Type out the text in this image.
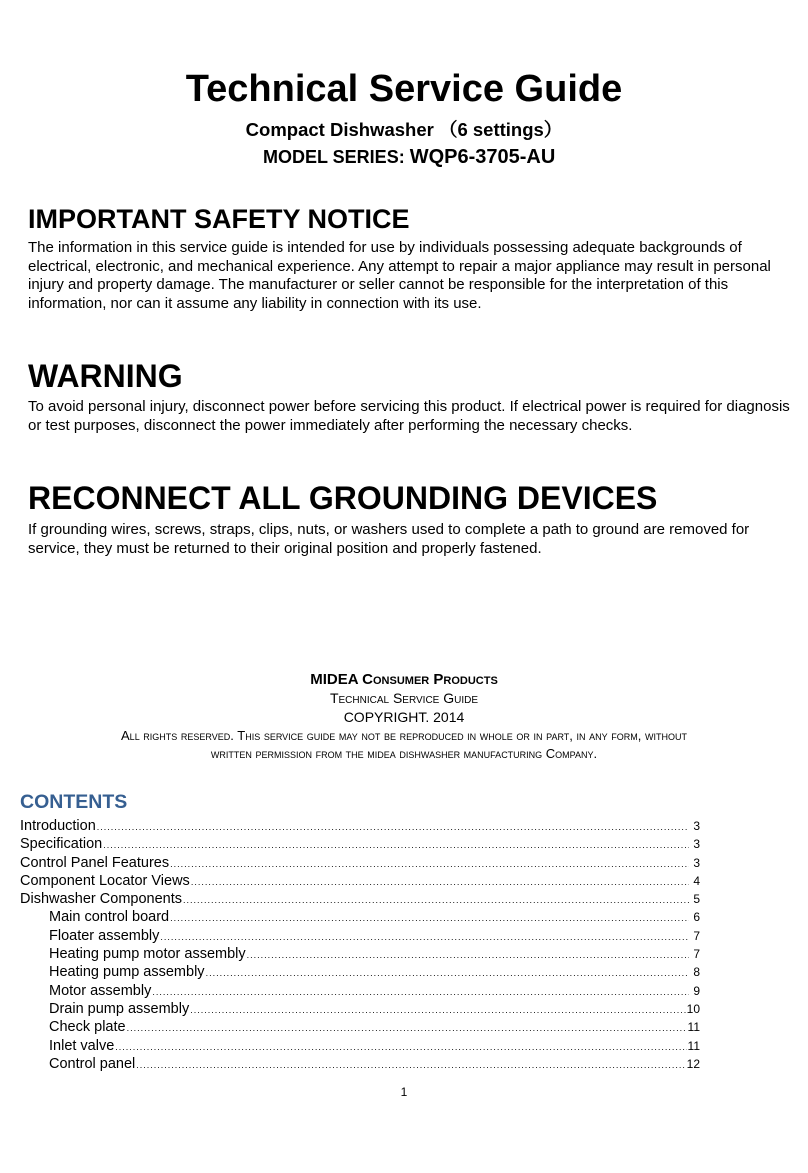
Technical Service Guide
Compact Dishwasher （6 settings）
MODEL SERIES: WQP6-3705-AU
IMPORTANT SAFETY NOTICE

The information in this service guide is intended for use by individuals possessing adequate backgrounds of electrical, electronic, and mechanical experience. Any attempt to repair a major appliance may result in personal injury and property damage. The manufacturer or seller cannot be responsible for the interpretation of this information, nor can it assume any liability in connection with its use.

WARNING

To avoid personal injury, disconnect power before servicing this product. If electrical power is required for diagnosis or test purposes, disconnect the power immediately after performing the necessary checks.

RECONNECT ALL GROUNDING DEVICES

If grounding wires, screws, straps, clips, nuts, or washers used to complete a path to ground are removed for service, they must be returned to their original position and properly fastened.

MIDEA Consumer Products
Technical Service Guide
COPYRIGHT. 2014
All rights reserved. This service guide may not be reproduced in whole or in part, in any form, without
written permission from the midea dishwasher manufacturing Company.
CONTENTS
Introduction .....	3
Specification .....	3
Control Panel Features .....	3
Component Locator Views .....	4
Dishwasher Components .....	5
Main control board .....	6
Floater assembly .....	7
Heating pump motor assembly .....	7
Heating pump assembly .....	8
Motor assembly .....	9
Drain pump assembly .....	10
Check plate .....	11
Inlet valve .....	11
Control panel .....	12
1
